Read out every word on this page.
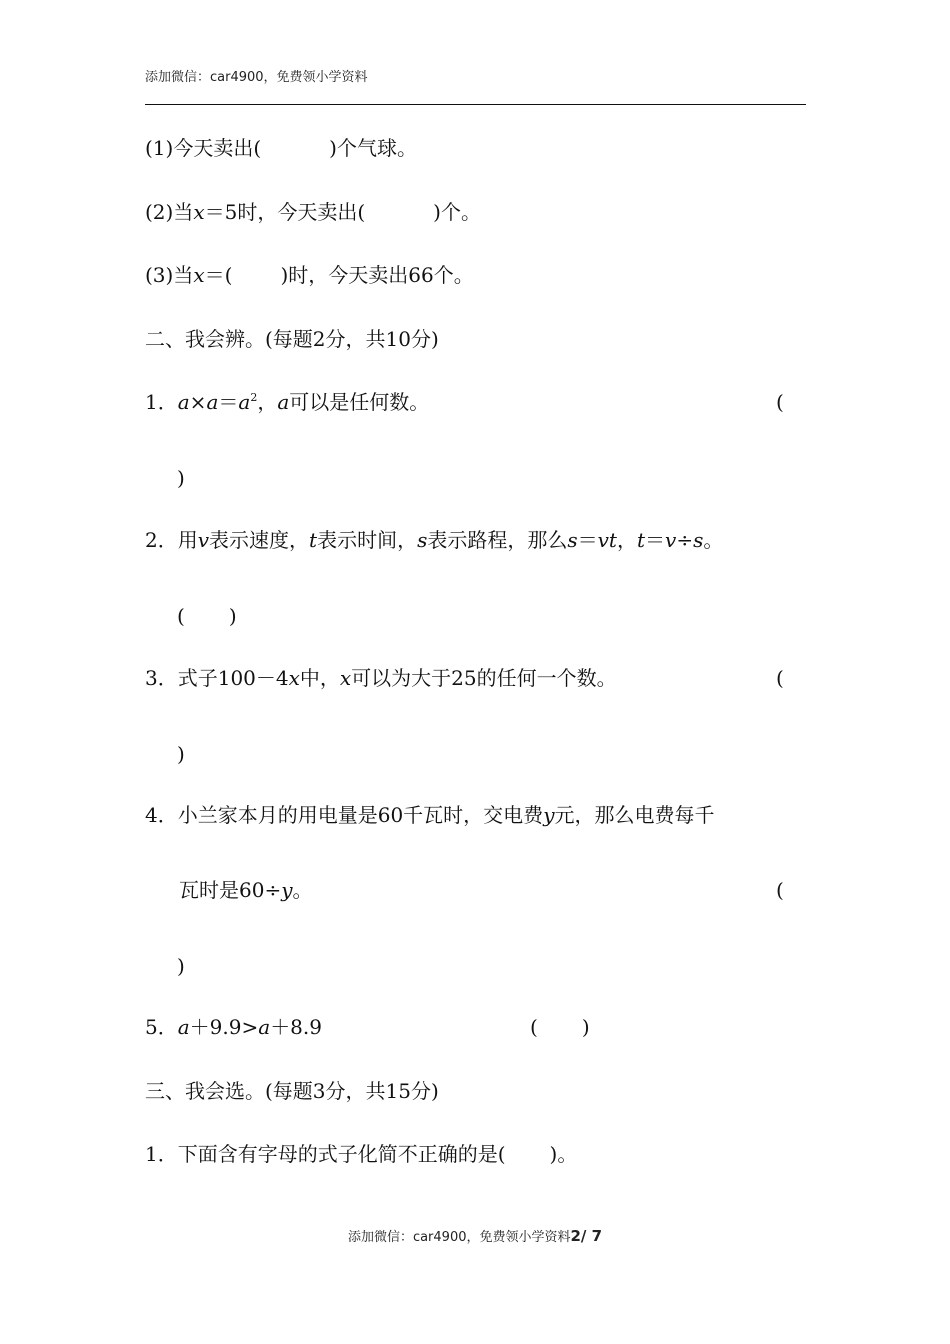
添加微信：car4900，免费领小学资料
(1)今天卖出(	)个气球。
(2)当x＝5时，今天卖出(	)个。
(3)当x＝( )时，今天卖出66个。
二、我会辨。(每题2分，共10分)
1．$a\times a=a^2$，a可以是任何数。	(
)
2．用v表示速度，t表示时间，s表示路程，那么s＝vt，t＝v÷s。
( )
3．式子100－4x中，x可以为大于25的任何一个数。	(
)
4．小兰家本月的用电量是60千瓦时，交电费y元，那么电费每千
瓦时是60÷y。	(
)
5．a＋9.9>a＋8.9	( )
三、我会选。(每题3分，共15分)
1．下面含有字母的式子化简不正确的是( )。
添加微信：car4900，免费领小学资料2/ 7
